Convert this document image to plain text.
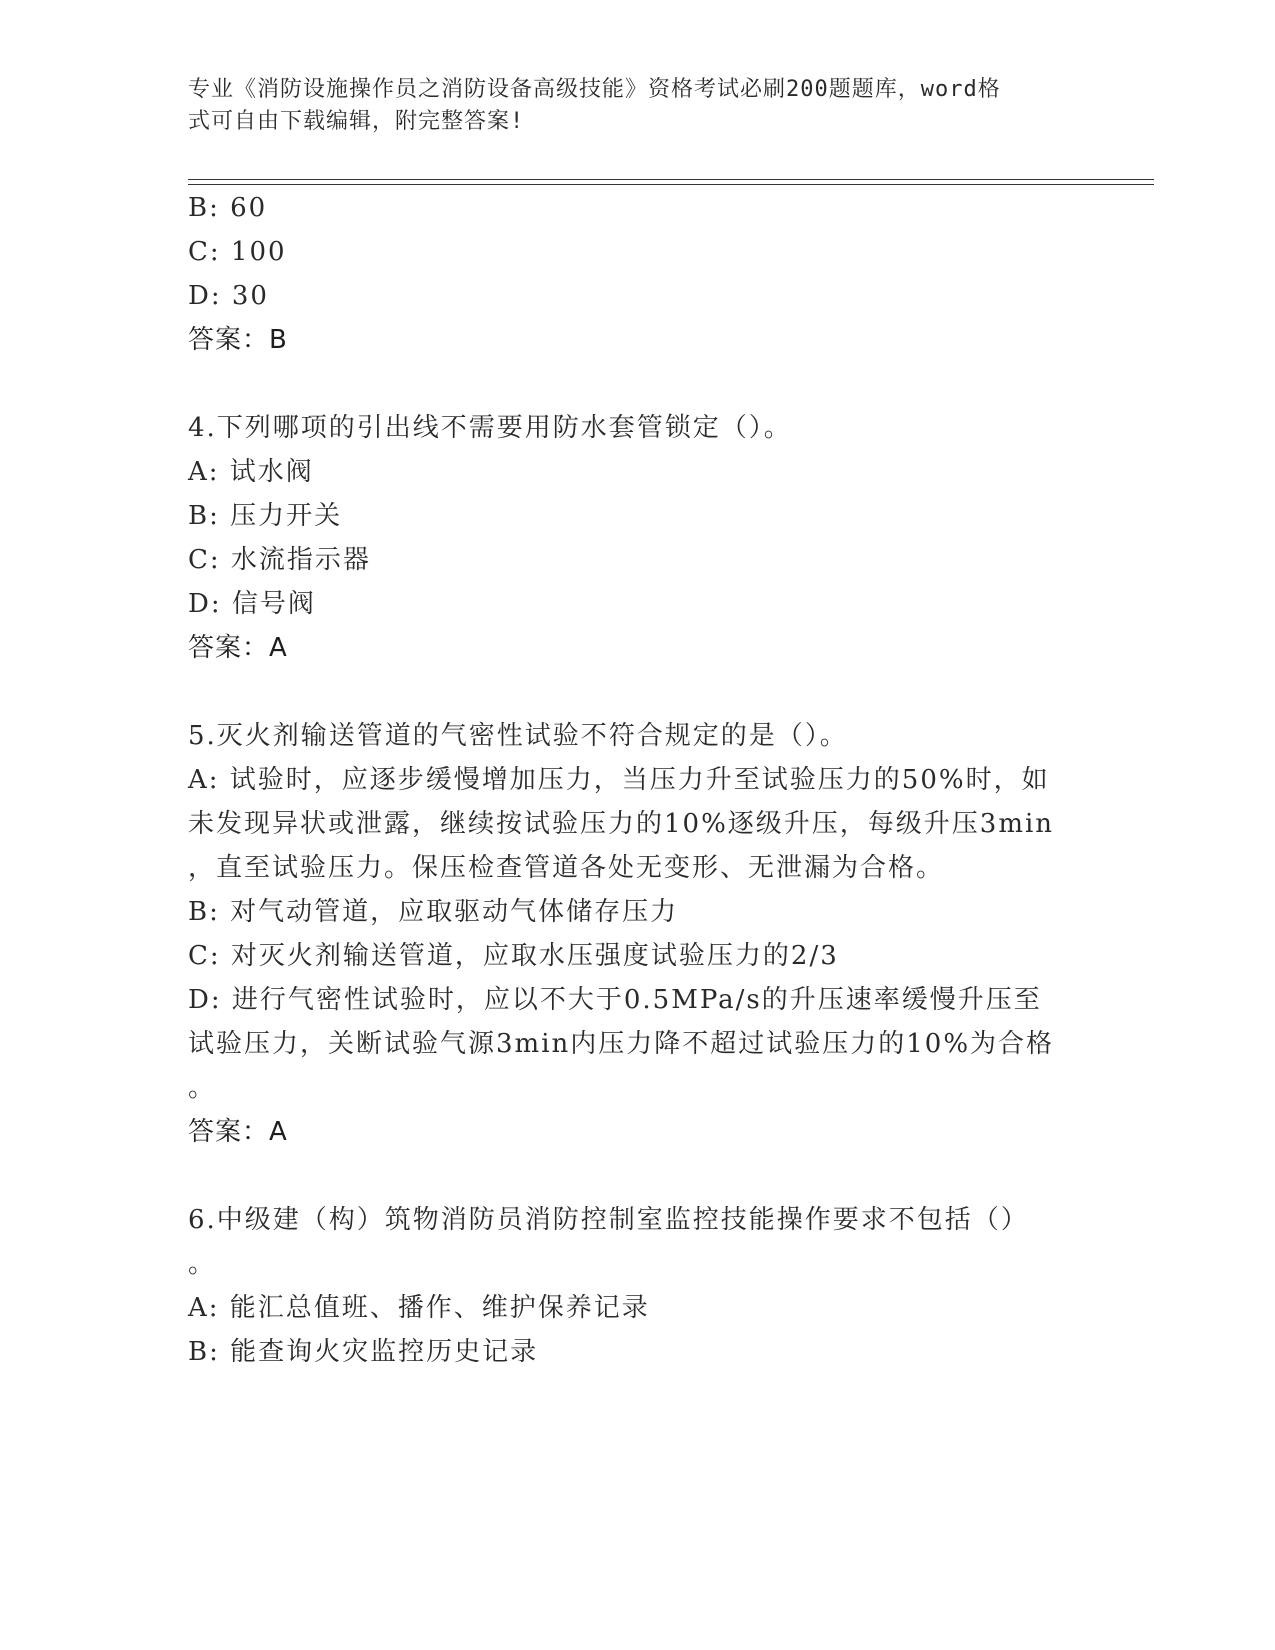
专业《消防设施操作员之消防设备高级技能》资格考试必刷200题题库，word格
式可自由下载编辑，附完整答案!
B: 60
C: 100
D: 30
答案：B
4.下列哪项的引出线不需要用防水套管锁定（）。
A: 试水阀
B: 压力开关
C: 水流指示器
D: 信号阀
答案：A
5.灭火剂输送管道的气密性试验不符合规定的是（）。
A: 试验时，应逐步缓慢增加压力，当压力升至试验压力的50%时，如
未发现异状或泄露，继续按试验压力的10%逐级升压，每级升压3min
，直至试验压力。保压检查管道各处无变形、无泄漏为合格。
B: 对气动管道，应取驱动气体储存压力
C: 对灭火剂输送管道，应取水压强度试验压力的2/3
D: 进行气密性试验时，应以不大于0.5MPa/s的升压速率缓慢升压至
试验压力，关断试验气源3min内压力降不超过试验压力的10%为合格
。
答案：A
6.中级建（构）筑物消防员消防控制室监控技能操作要求不包括（）
。
A: 能汇总值班、播作、维护保养记录
B: 能查询火灾监控历史记录
